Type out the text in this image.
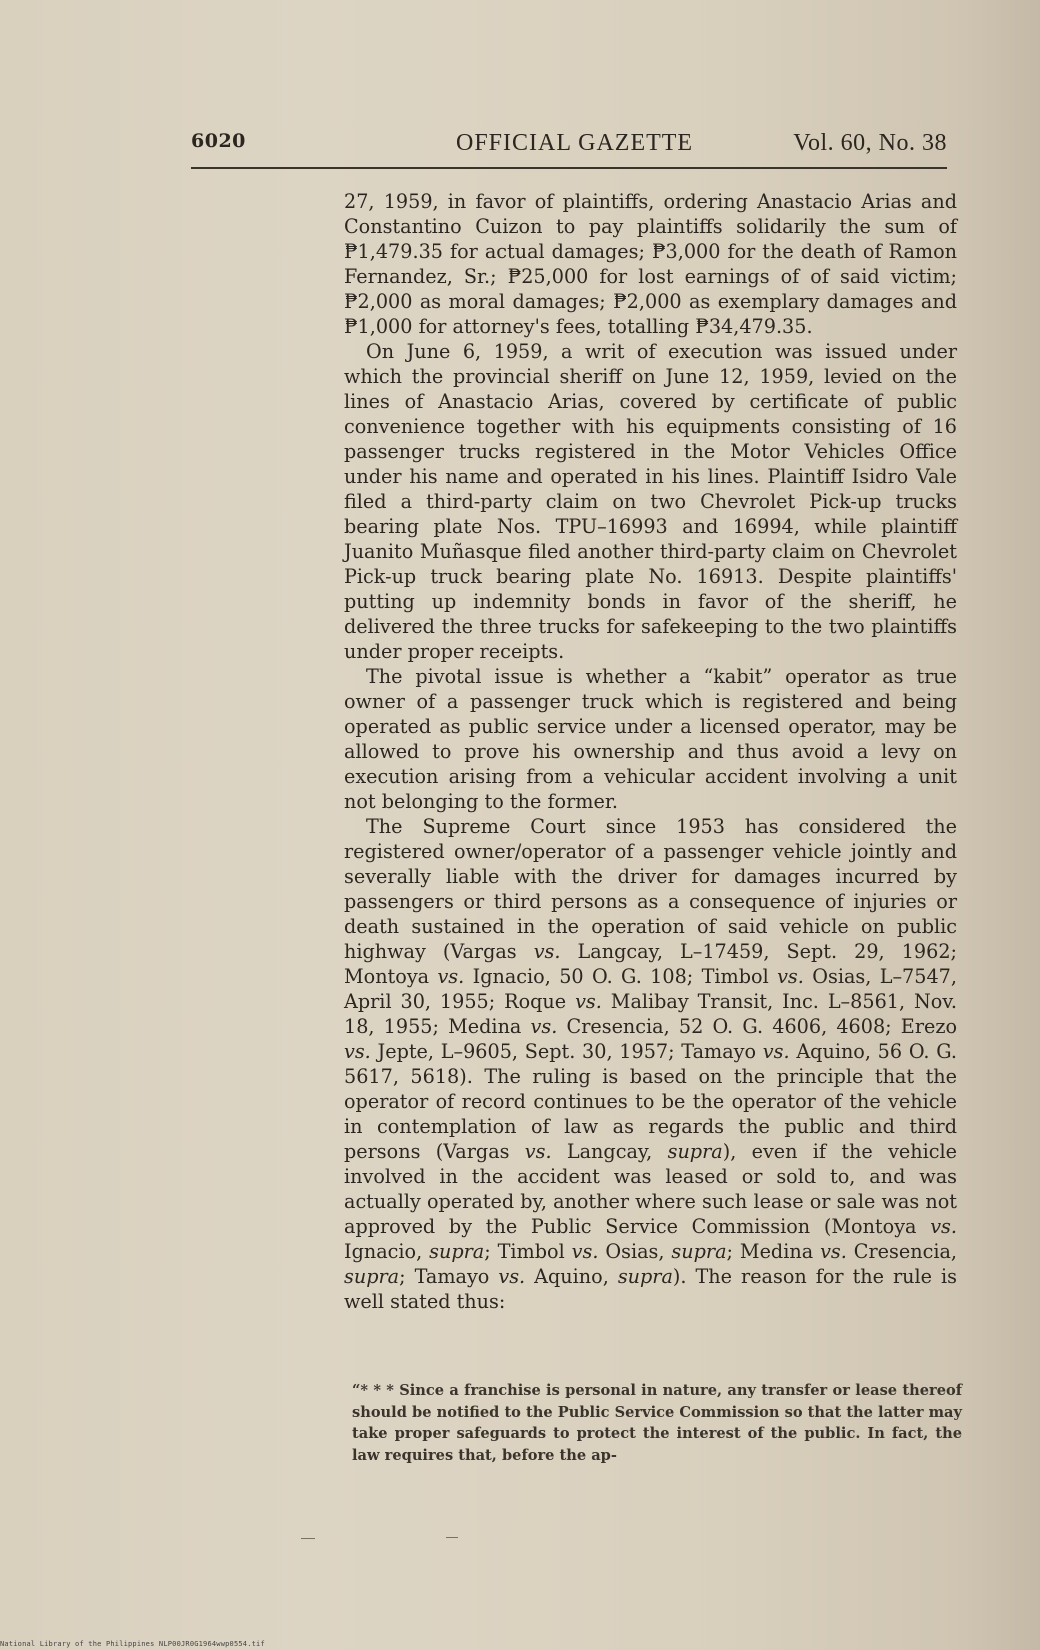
6020	OFFICIAL GAZETTE	Vol. 60, No. 38

27, 1959, in favor of plaintiffs, ordering Anastacio Arias and Constantino Cuizon to pay plaintiffs solidarily the sum of ₱1,479.35 for actual damages; ₱3,000 for the death of Ramon Fernandez, Sr.; ₱25,000 for lost earnings of of said victim; ₱2,000 as moral damages; ₱2,000 as exemplary damages and ₱1,000 for attorney's fees, totalling ₱34,479.35.

On June 6, 1959, a writ of execution was issued under which the provincial sheriff on June 12, 1959, levied on the lines of Anastacio Arias, covered by certificate of public convenience together with his equipments consisting of 16 passenger trucks registered in the Motor Vehicles Office under his name and operated in his lines. Plaintiff Isidro Vale filed a third-party claim on two Chevrolet Pick-up trucks bearing plate Nos. TPU–16993 and 16994, while plaintiff Juanito Muñasque filed another third-party claim on Chevrolet Pick-up truck bearing plate No. 16913. Despite plaintiffs' putting up indemnity bonds in favor of the sheriff, he delivered the three trucks for safekeeping to the two plaintiffs under proper receipts.

The pivotal issue is whether a “kabit” operator as true owner of a passenger truck which is registered and being operated as public service under a licensed operator, may be allowed to prove his ownership and thus avoid a levy on execution arising from a vehicular accident involving a unit not belonging to the former.

The Supreme Court since 1953 has considered the registered owner/operator of a passenger vehicle jointly and severally liable with the driver for damages incurred by passengers or third persons as a consequence of injuries or death sustained in the operation of said vehicle on public highway (Vargas vs. Langcay, L–17459, Sept. 29, 1962; Montoya vs. Ignacio, 50 O. G. 108; Timbol vs. Osias, L–7547, April 30, 1955; Roque vs. Malibay Transit, Inc. L–8561, Nov. 18, 1955; Medina vs. Cresencia, 52 O. G. 4606, 4608; Erezo vs. Jepte, L–9605, Sept. 30, 1957; Tamayo vs. Aquino, 56 O. G. 5617, 5618). The ruling is based on the principle that the operator of record continues to be the operator of the vehicle in contemplation of law as regards the public and third persons (Vargas vs. Langcay, supra), even if the vehicle involved in the accident was leased or sold to, and was actually operated by, another where such lease or sale was not approved by the Public Service Commission (Montoya vs. Ignacio, supra; Timbol vs. Osias, supra; Medina vs. Cresencia, supra; Tamayo vs. Aquino, supra). The reason for the rule is well stated thus:

“* * * Since a franchise is personal in nature, any transfer or lease thereof should be notified to the Public Service Commission so that the latter may take proper safeguards to protect the interest of the public. In fact, the law requires that, before the ap-

National Library of the Philippines NLP00JR0G1964wwp0554.tif
